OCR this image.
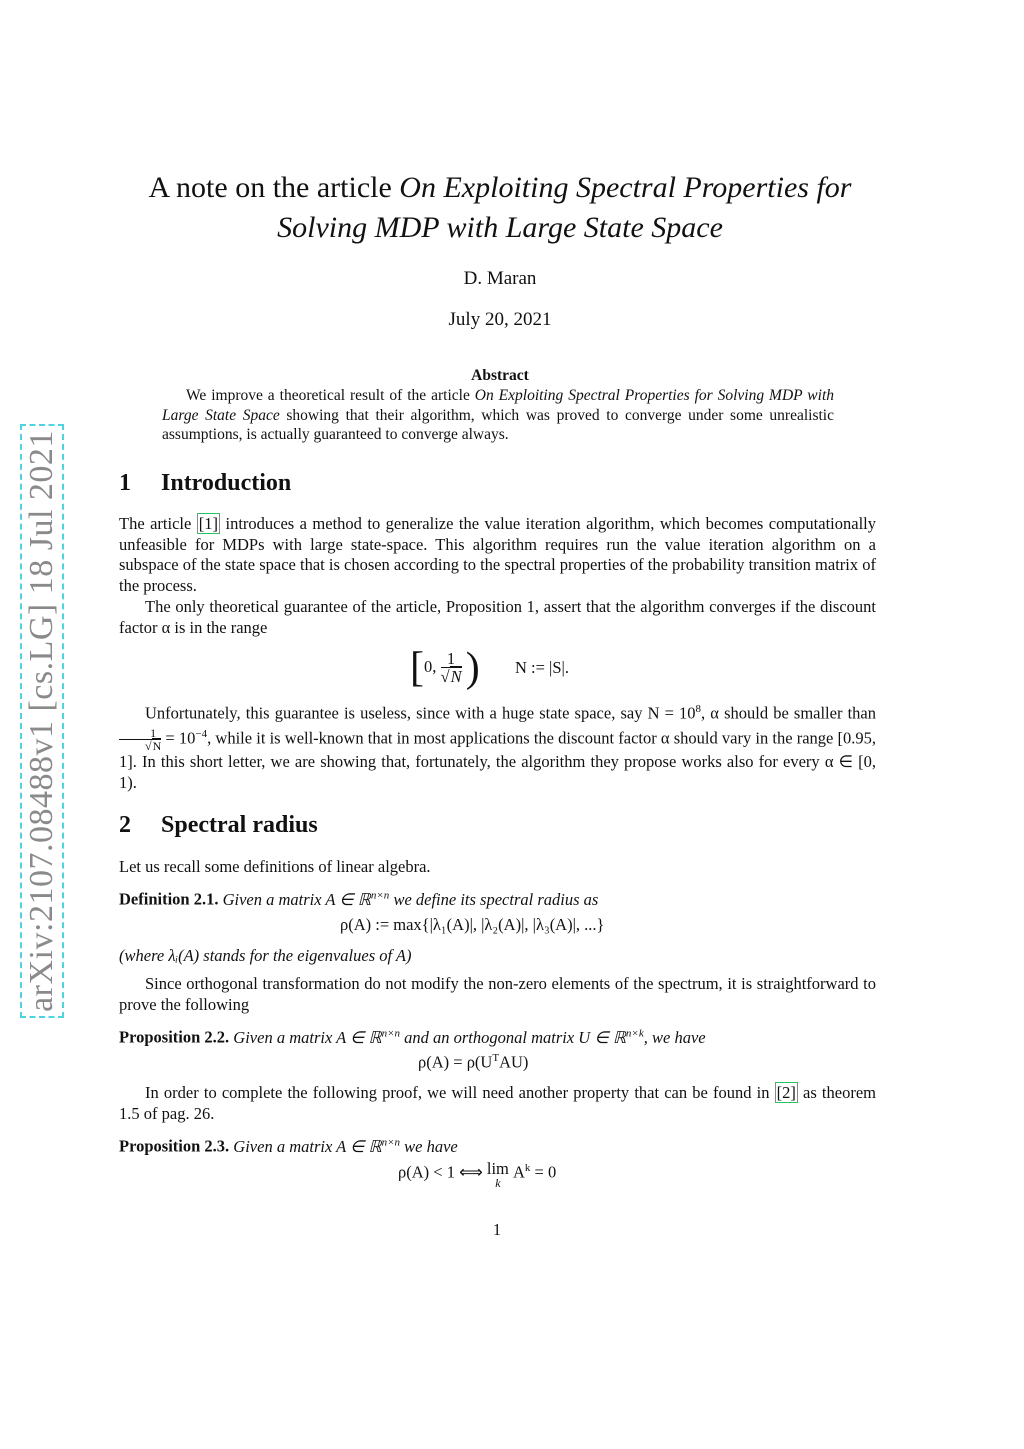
arXiv:2107.08488v1 [cs.LG] 18 Jul 2021
A note on the article On Exploiting Spectral Properties for
Solving MDP with Large State Space
D. Maran
July 20, 2021
Abstract
We improve a theoretical result of the article On Exploiting Spectral Properties for Solving MDP with Large State Space showing that their algorithm, which was proved to converge under some unrealistic assumptions, is actually guaranteed to converge always.
1 Introduction
The article [1] introduces a method to generalize the value iteration algorithm, which becomes computationally unfeasible for MDPs with large state-space. This algorithm requires run the value iteration algorithm on a subspace of the state space that is chosen according to the spectral properties of the probability transition matrix of the process.
The only theoretical guarantee of the article, Proposition 1, assert that the algorithm converges if the discount factor α is in the range
[0, $\frac{1}{√N}$ ) N := |S|.
Unfortunately, this guarantee is useless, since with a huge state space, say $N = 10^8$, α should be smaller than
$\frac{1}{√N} = 10^{-4}$, while it is well-known that in most applications the discount factor α should vary in the range [0.95, 1]. In this short letter, we are showing that, fortunately, the algorithm they propose works also for every α ∈ [0, 1).
2 Spectral radius
Let us recall some definitions of linear algebra.
Definition 2.1. Given a matrix A ∈ ℝ$^{n\times n}$ we define its spectral radius as
ρ(A) := max{|λ₁(A)|, |λ₂(A)|, |λ₃(A)|, ...}
(where λᵢ(A) stands for the eigenvalues of A)
Since orthogonal transformation do not modify the non-zero elements of the spectrum, it is straightforward to prove the following
Proposition 2.2. Given a matrix A ∈ ℝ$^{n\times n}$ and an orthogonal matrix U ∈ ℝ$^{n\times k}$, we have
$\rho(A) = \rho(U^TAU)$
In order to complete the following proof, we will need another property that can be found in [2] as theorem 1.5 of pag. 26.
Proposition 2.3. Given a matrix A ∈ ℝ$^{n\times n}$ we have
ρ(A) < 1 ⟺ lim
k
$A^k = 0$
1
